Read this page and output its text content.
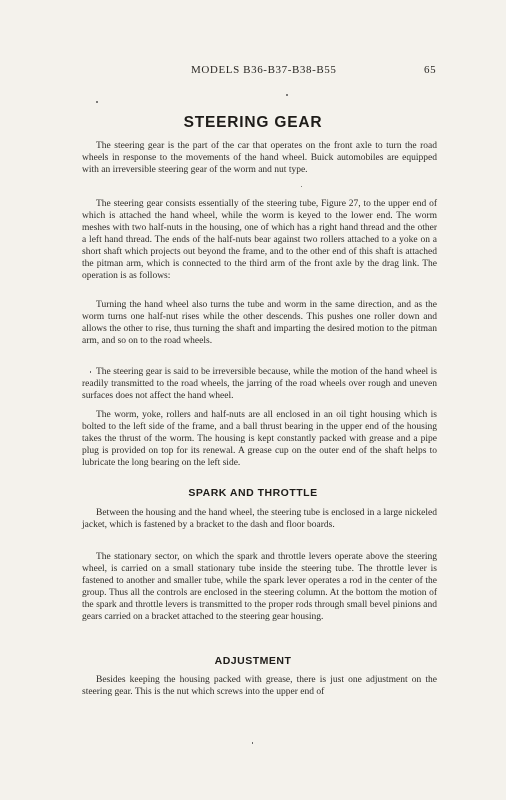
MODELS B36-B37-B38-B55	65
STEERING GEAR

The steering gear is the part of the car that operates on the front axle to turn the road wheels in response to the movements of the hand wheel. Buick automobiles are equipped with an irreversible steering gear of the worm and nut type.

The steering gear consists essentially of the steering tube, Figure 27, to the upper end of which is attached the hand wheel, while the worm is keyed to the lower end. The worm meshes with two half-nuts in the housing, one of which has a right hand thread and the other a left hand thread. The ends of the half-nuts bear against two rollers attached to a yoke on a short shaft which projects out beyond the frame, and to the other end of this shaft is attached the pitman arm, which is connected to the third arm of the front axle by the drag link. The operation is as follows:

Turning the hand wheel also turns the tube and worm in the same direction, and as the worm turns one half-nut rises while the other descends. This pushes one roller down and allows the other to rise, thus turning the shaft and imparting the desired motion to the pitman arm, and so on to the road wheels.

The steering gear is said to be irreversible because, while the motion of the hand wheel is readily transmitted to the road wheels, the jarring of the road wheels over rough and uneven surfaces does not affect the hand wheel.

The worm, yoke, rollers and half-nuts are all enclosed in an oil tight housing which is bolted to the left side of the frame, and a ball thrust bearing in the upper end of the housing takes the thrust of the worm. The housing is kept constantly packed with grease and a pipe plug is provided on top for its renewal. A grease cup on the outer end of the shaft helps to lubricate the long bearing on the left side.

SPARK AND THROTTLE

Between the housing and the hand wheel, the steering tube is enclosed in a large nickeled jacket, which is fastened by a bracket to the dash and floor boards.

The stationary sector, on which the spark and throttle levers operate above the steering wheel, is carried on a small stationary tube inside the steering tube. The throttle lever is fastened to another and smaller tube, while the spark lever operates a rod in the center of the group. Thus all the controls are enclosed in the steering column. At the bottom the motion of the spark and throttle levers is transmitted to the proper rods through small bevel pinions and gears carried on a bracket attached to the steering gear housing.

ADJUSTMENT

Besides keeping the housing packed with grease, there is just one adjustment on the steering gear. This is the nut which screws into the upper end of
